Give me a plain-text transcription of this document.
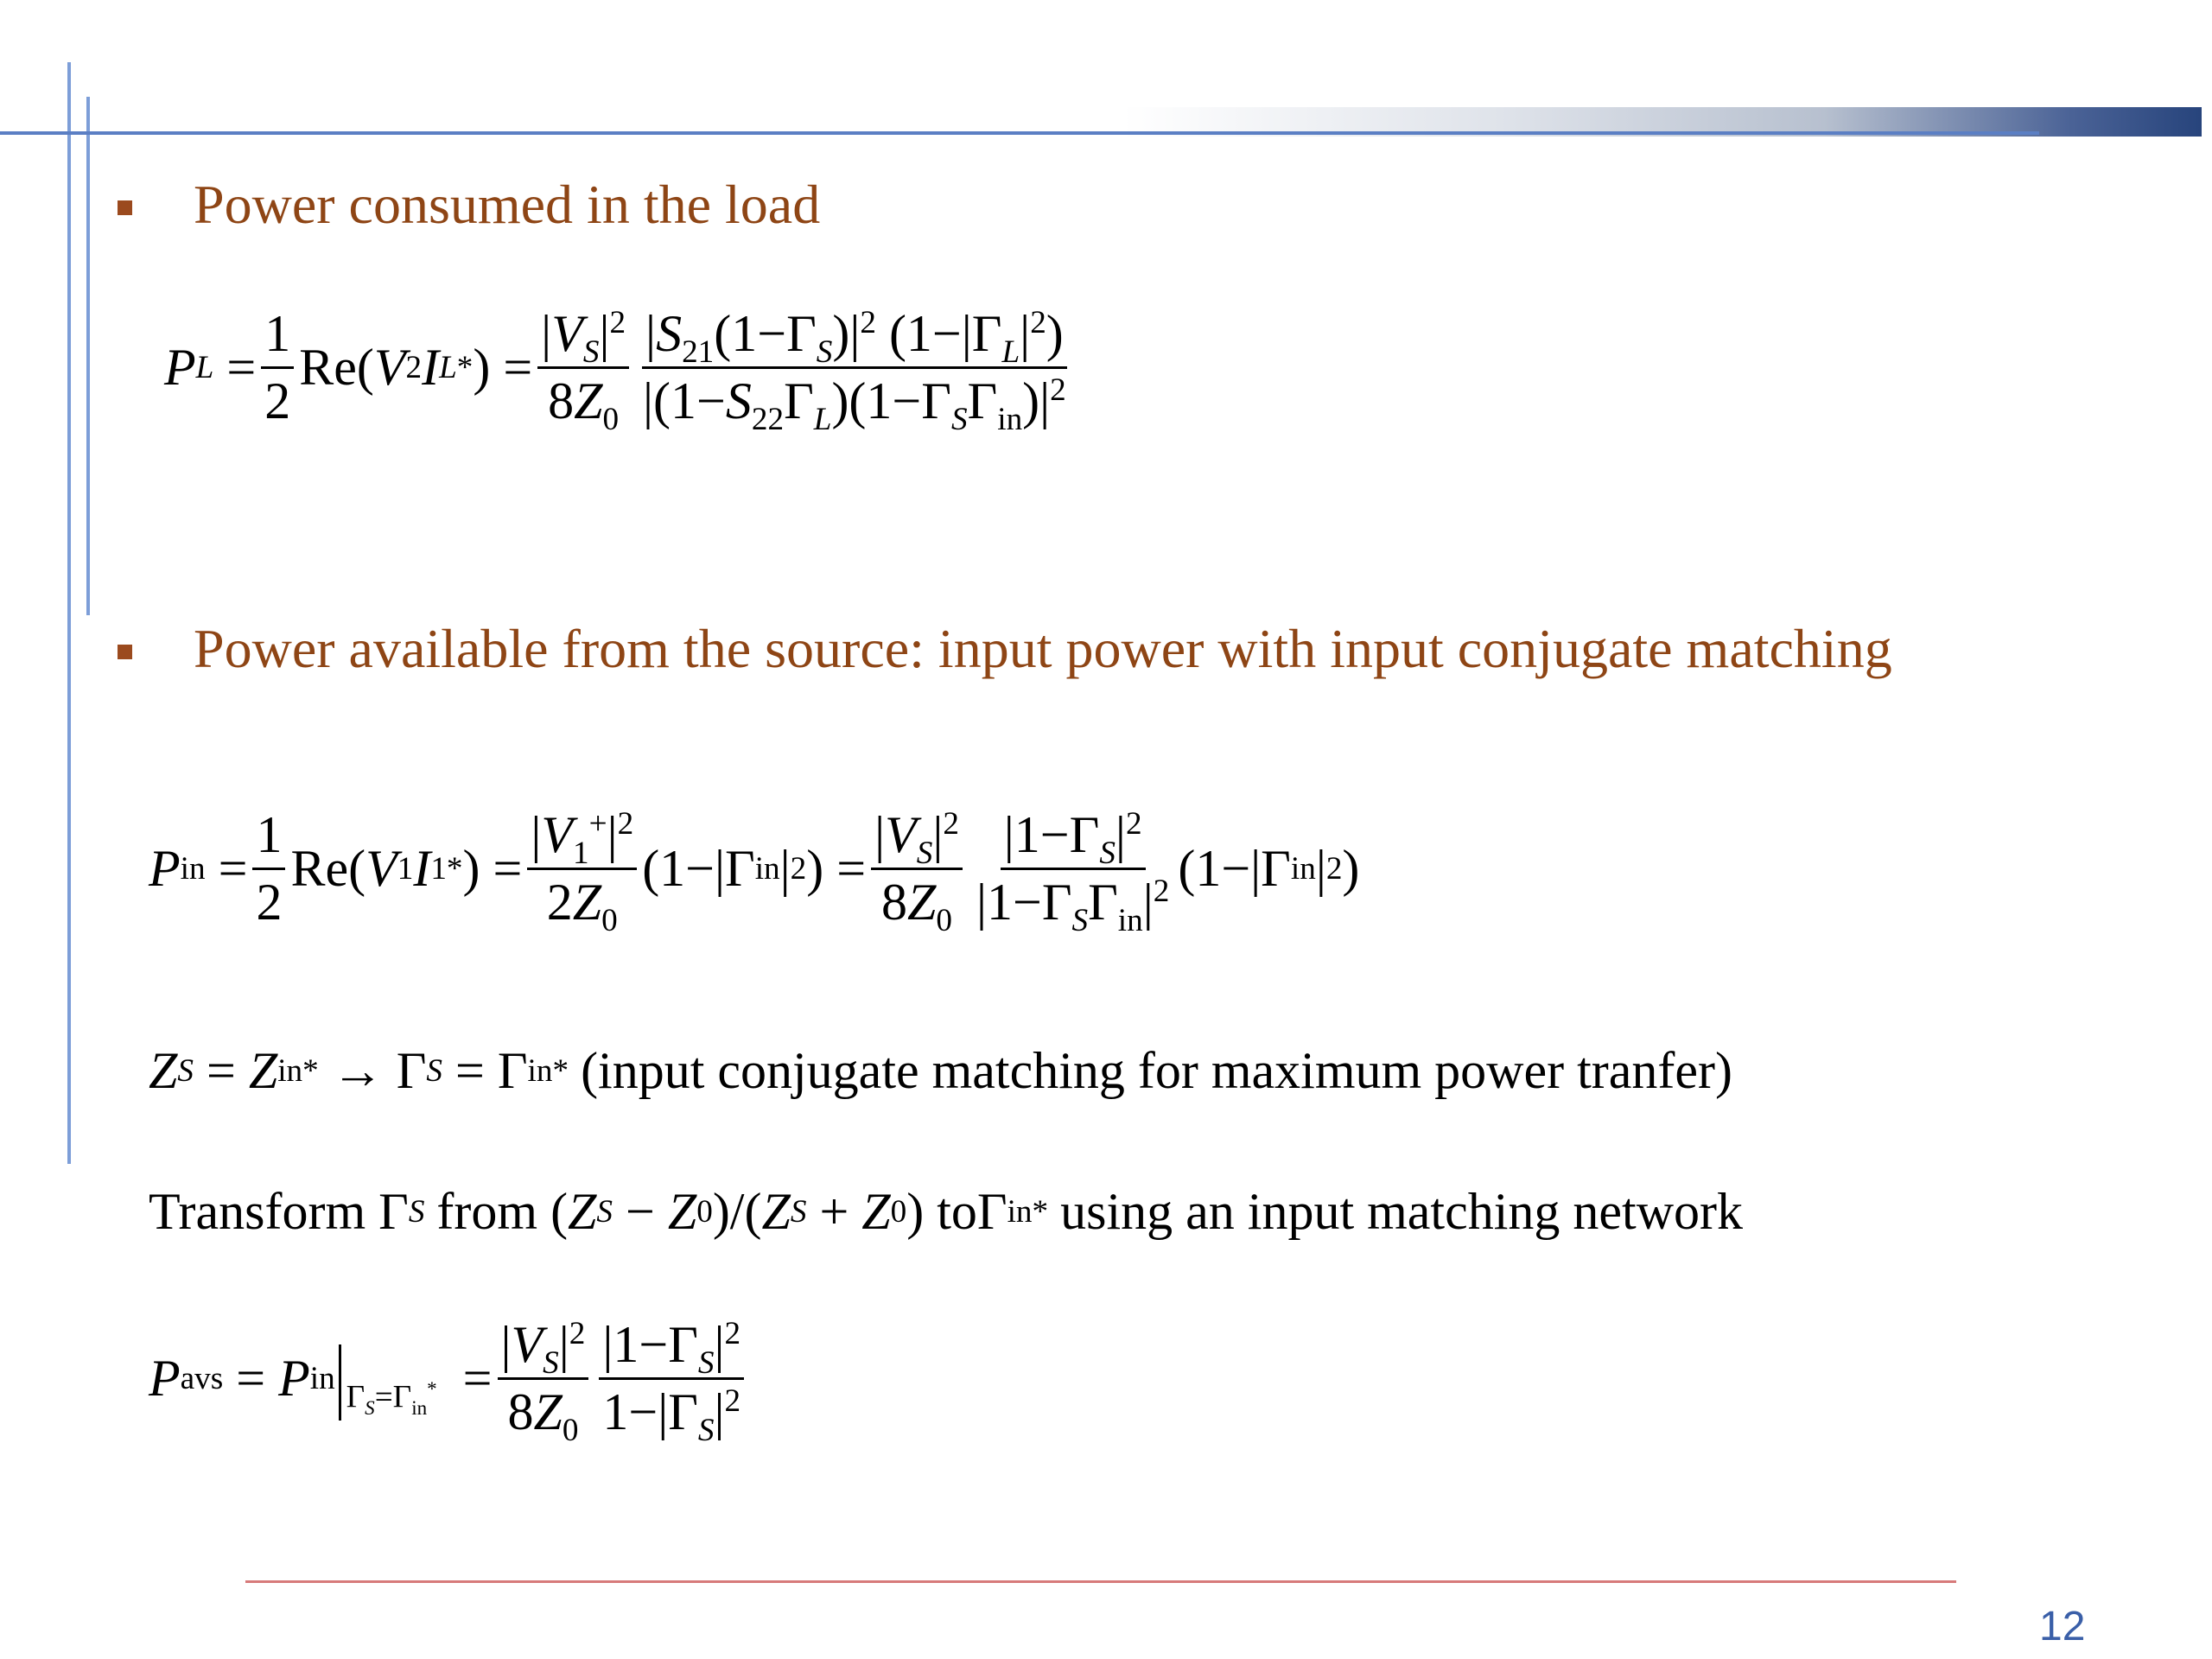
Power consumed in the load
P $L = \frac{1}{2} Re$( V 2 I L * ) = $\frac{|V_S|^2}{8Z_0} \frac{|S_{21}(1-\Gamma_S)|^2 (1-|\Gamma_L|^2)}{|(1-S_{22}\Gamma_L)(1-\Gamma_S\Gamma_{in})|^2}$
Power available from the source: input power with input conjugate matching
P in = $\frac{1}{2} Re$( V 1 I 1 * ) = $\frac{|V_1^+|^2}{2Z_0} (1-|\Gamma$ in | 2 ) = $\frac{|V_S|^2}{8Z_0} \frac{|1-\Gamma_S|^2}{|1-\Gamma_S\Gamma_{in}|^2} (1-|\Gamma$ in | 2 )
Z S = Z in * → Γ S = Γ in * (input conjugate matching for maximum power tranfer)
Transform Γ S from ( Z S − Z 0 )/( Z S + Z 0 ) to Γ in * using an input matching network
P avs = P in
$_{\Gamma_S=\Gamma_{in}^*} = \frac{|V_S|^2}{8Z_0} \frac{|1-\Gamma_S|^2}{1-|\Gamma_S|^2}$
12
